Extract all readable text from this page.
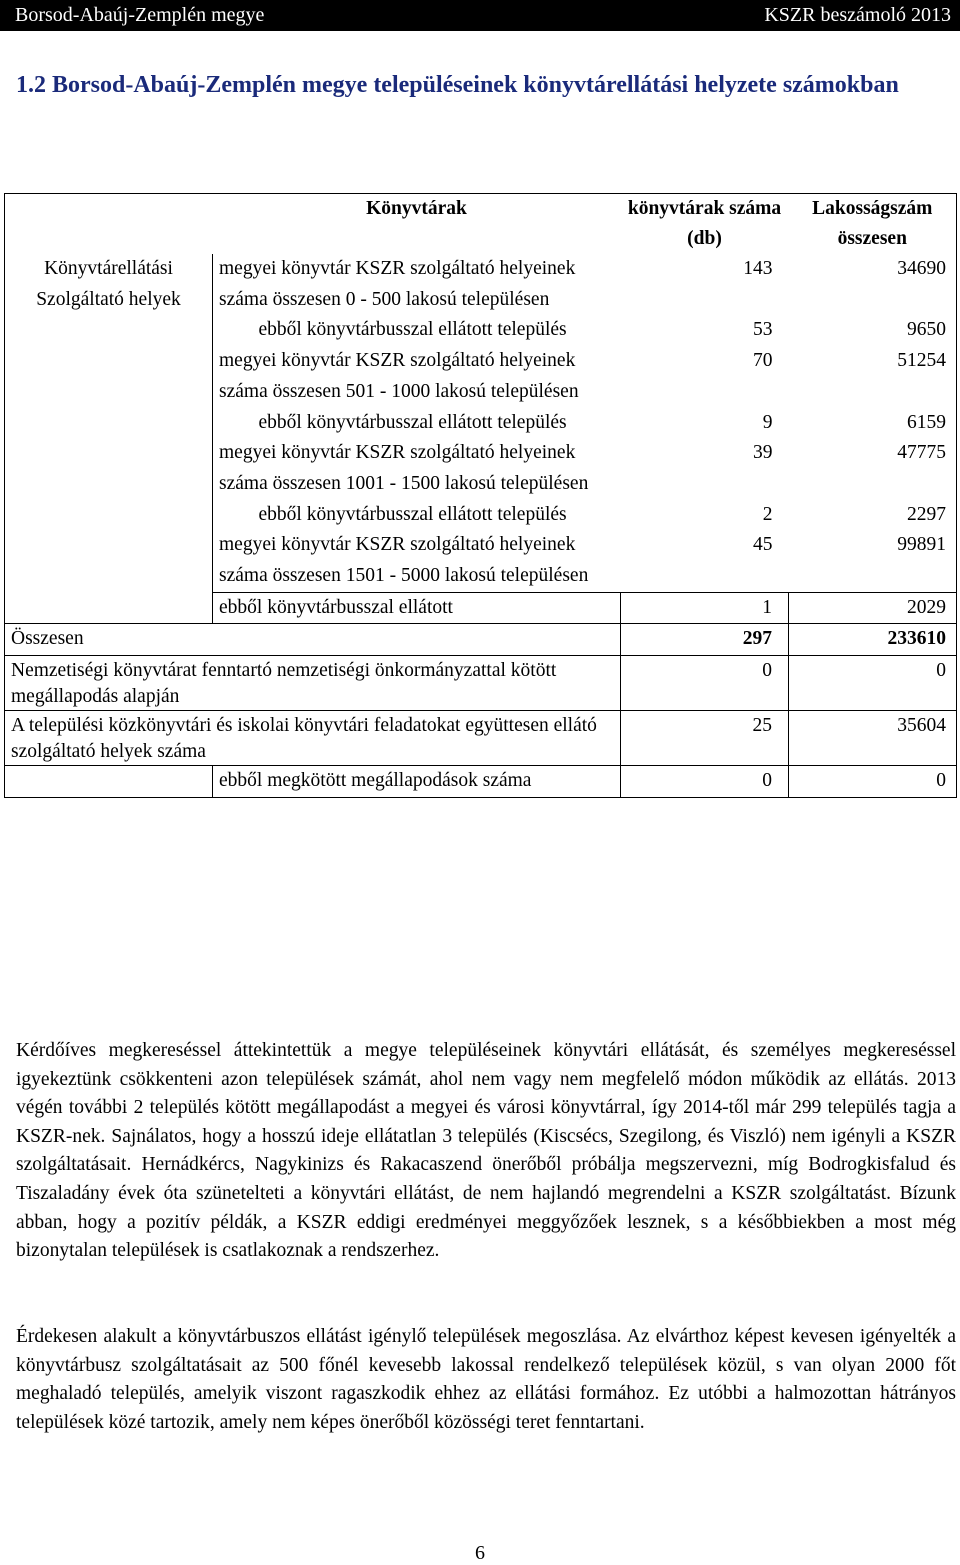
Borsod-Abaúj-Zemplén megye	KSZR beszámoló 2013
1.2 Borsod-Abaúj-Zemplén megye településeinek könyvtárellátási helyzete számokban
	Könyvtárak		könyvtárak száma (db)	Lakosságszám összesen
Könyvtárellátási Szolgáltató helyek	megyei könyvtár KSZR szolgáltató helyeinek száma összesen 0 - 500 lakosú településen		143	34690
		ebből könyvtárbusszal ellátott település	53	9650
	megyei könyvtár KSZR szolgáltató helyeinek száma összesen 501 - 1000 lakosú településen		70	51254
		ebből könyvtárbusszal ellátott település	9	6159
	megyei könyvtár KSZR szolgáltató helyeinek száma összesen 1001 - 1500 lakosú településen		39	47775
		ebből könyvtárbusszal ellátott település	2	2297
	megyei könyvtár KSZR szolgáltató helyeinek száma összesen 1501 - 5000 lakosú településen		45	99891
	ebből könyvtárbusszal ellátott		1	2029
Összesen			297	233610
Nemzetiségi könyvtárat fenntartó nemzetiségi önkormányzattal kötött megállapodás alapján			0	0
A települési közkönyvtári és iskolai könyvtári feladatokat együttesen ellátó szolgáltató helyek száma			25	35604
	ebből megkötött megállapodások száma		0	0
Kérdőíves megkereséssel áttekintettük a megye településeinek könyvtári ellátását, és személyes megkereséssel igyekeztünk csökkenteni azon települések számát, ahol nem vagy nem megfelelő módon működik az ellátás. 2013 végén további 2 település kötött megállapodást a megyei és városi könyvtárral, így 2014-től már 299 település tagja a KSZR-nek. Sajnálatos, hogy a hosszú ideje ellátatlan 3 település (Kiscsécs, Szegilong, és Viszló) nem igényli a KSZR szolgáltatásait. Hernádkércs, Nagykinizs és Rakacaszend önerőből próbálja megszervezni, míg Bodrogkisfalud és Tiszaladány évek óta szünetelteti a könyvtári ellátást, de nem hajlandó megrendelni a KSZR szolgáltatást. Bízunk abban, hogy a pozitív példák, a KSZR eddigi eredményei meggyőzőek lesznek, s a későbbiekben a most még bizonytalan települések is csatlakoznak a rendszerhez.
Érdekesen alakult a könyvtárbuszos ellátást igénylő települések megoszlása. Az elvárthoz képest kevesen igényelték a könyvtárbusz szolgáltatásait az 500 főnél kevesebb lakossal rendelkező települések közül, s van olyan 2000 főt meghaladó település, amelyik viszont ragaszkodik ehhez az ellátási formához. Ez utóbbi a halmozottan hátrányos települések közé tartozik, amely nem képes önerőből közösségi teret fenntartani.
6
